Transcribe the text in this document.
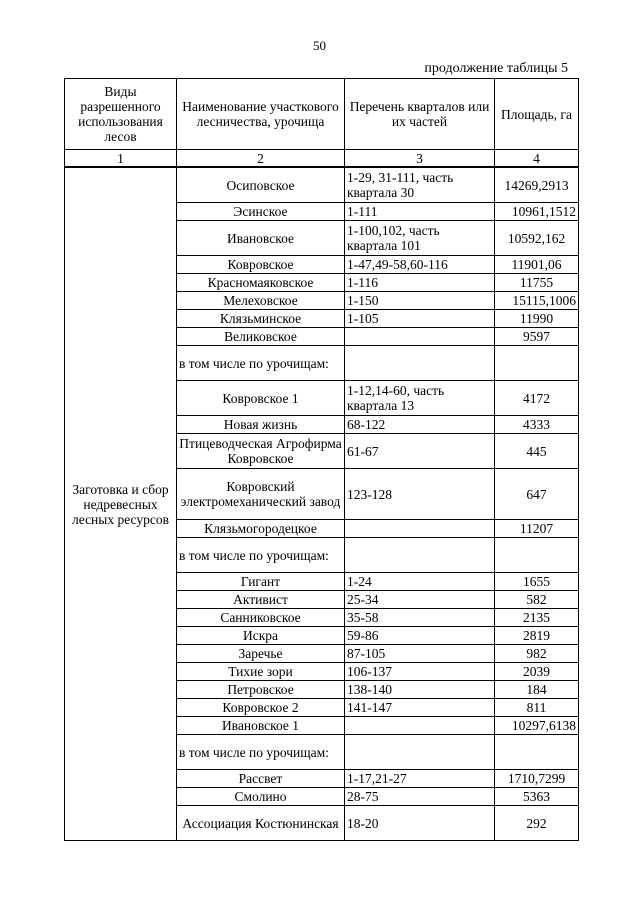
50
продолжение таблицы 5
Виды разрешенного использования лесов	Наименование участкового лесничества, урочища	Перечень кварталов или их частей	Площадь, га
1	2	3	4
Заготовка и сбор недревесных лесных ресурсов	Осиповское	1-29, 31-111, часть квартала 30	14269,2913
	Эсинское	1-111	10961,1512
	Ивановское	1-100,102, часть квартала 101	10592,162
	Ковровское	1-47,49-58,60-116	11901,06
	Красномаяковское	1-116	11755
	Мелеховское	1-150	15115,1006
	Клязьминское	1-105	11990
	Великовское		9597
	в том числе по урочищам:		
	Ковровское 1	1-12,14-60, часть квартала 13	4172
	Новая жизнь	68-122	4333
	Птицеводческая Агрофирма Ковровское	61-67	445
	Ковровский электромеханический завод	123-128	647
	Клязьмогородецкое		11207
	в том числе по урочищам:		
	Гигант	1-24	1655
	Активист	25-34	582
	Санниковское	35-58	2135
	Искра	59-86	2819
	Заречье	87-105	982
	Тихие зори	106-137	2039
	Петровское	138-140	184
	Ковровское 2	141-147	811
	Ивановское 1		10297,6138
	в том числе по урочищам:		
	Рассвет	1-17,21-27	1710,7299
	Смолино	28-75	5363
	Ассоциация Костюнинская	18-20	292
